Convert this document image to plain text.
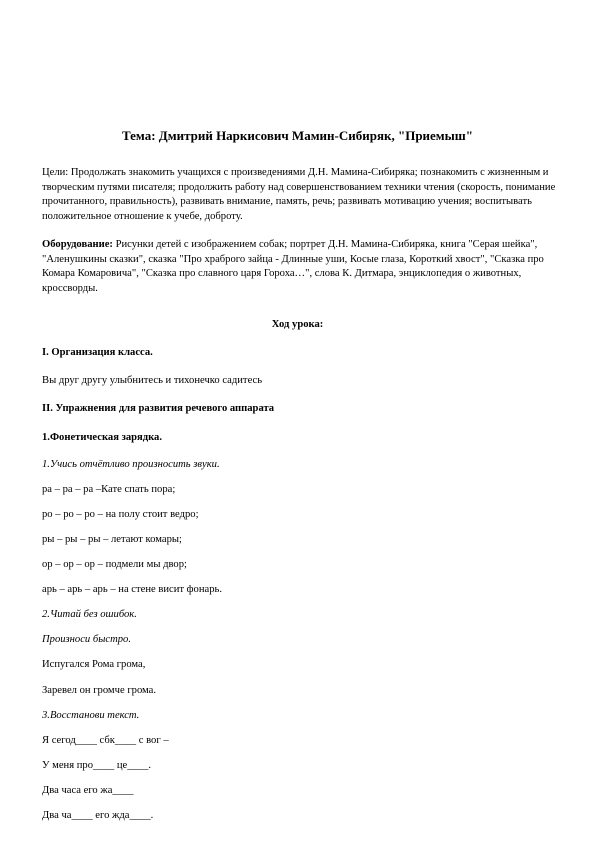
Тема: Дмитрий Наркисович Мамин-Сибиряк, "Приемыш"
Цели: Продолжать знакомить учащихся с произведениями Д.Н. Мамина-Сибиряка; познакомить с жизненным и творческим путями писателя; продолжить работу над совершенствованием техники чтения (скорость, понимание прочитанного, правильность), развивать внимание, память, речь; развивать мотивацию учения; воспитывать положительное отношение к учебе, доброту.
Оборудование: Рисунки детей с изображением собак; портрет Д.Н. Мамина-Сибиряка, книга "Серая шейка", "Аленушкины сказки", сказка "Про храброго зайца - Длинные уши, Косые глаза, Короткий хвост", "Сказка про Комара Комаровича", "Сказка про славного царя Гороха…", слова К. Дитмара, энциклопедия о животных, кроссворды.
Ход урока:
I. Организация класса.
Вы друг другу улыбнитесь и тихонечко садитесь
II. Упражнения для развития речевого аппарата
1.Фонетическая зарядка.
1.Учись отчётливо произносить звуки.
ра – ра – ра –Кате спать пора;
ро – ро – ро – на полу стоит ведро;
ры – ры – ры – летают комары;
ор – ор – ор – подмели мы двор;
арь – арь – арь – на стене висит фонарь.
2.Читай без ошибок.
Произноси быстро.
Испугался Рома грома,
Заревел он громче грома.
3.Восстанови текст.
Я сегод____ сбк____ с вог –
У меня про____ це____.
Два часа его жа____
Два ча____ его жда____.
